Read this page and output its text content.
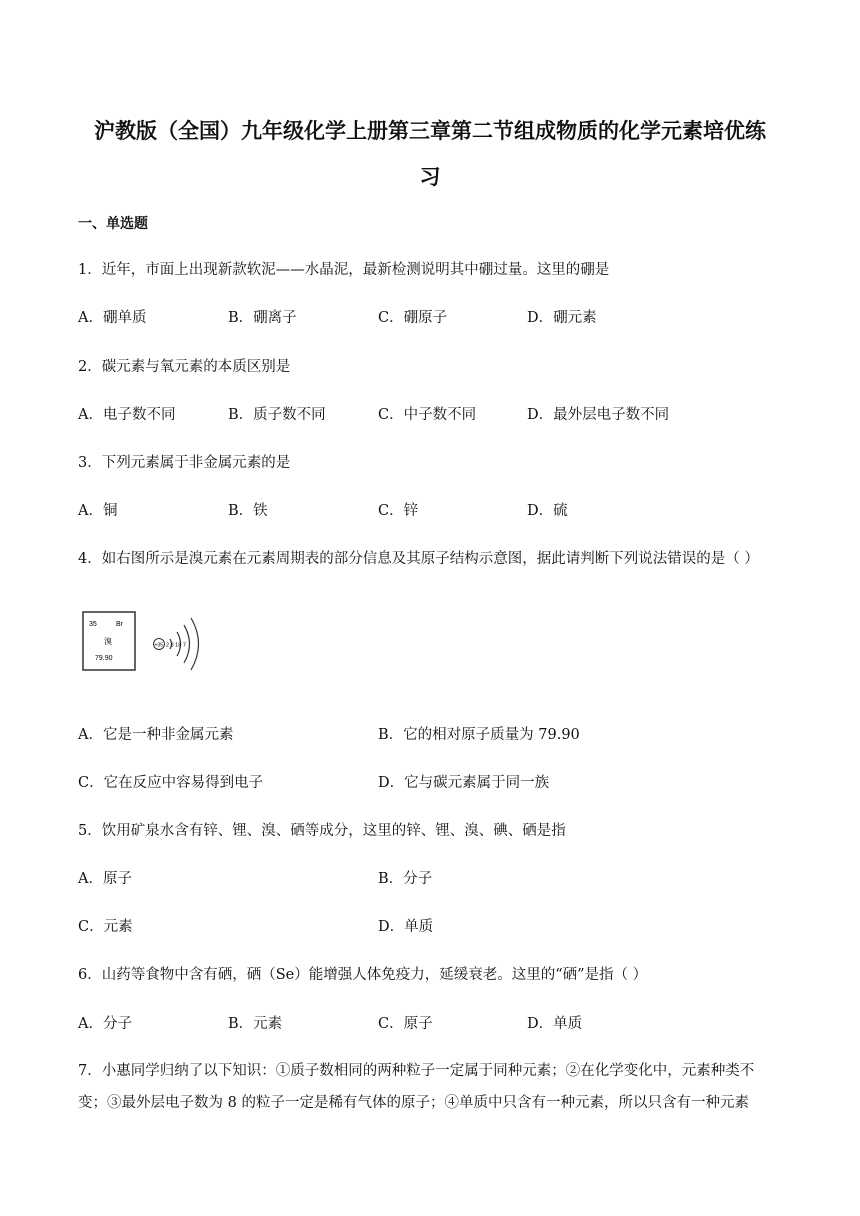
沪教版（全国）九年级化学上册第三章第二节组成物质的化学元素培优练
习
一、单选题
1．近年，市面上出现新款软泥——水晶泥，最新检测说明其中硼过量。这里的硼是
A．硼单质	B．硼离子	C．硼原子	D．硼元素
2．碳元素与氧元素的本质区别是
A．电子数不同	B．质子数不同	C．中子数不同	D．最外层电子数不同
3．下列元素属于非金属元素的是
A．铜	B．铁	C．锌	D．硫
4．如右图所示是溴元素在元素周期表的部分信息及其原子结构示意图，据此请判断下列说法错误的是（ ）
35	Br
溴
79.90
+35 2 8 18 7
A．它是一种非金属元素	B．它的相对原子质量为 79.90
C．它在反应中容易得到电子	D．它与碳元素属于同一族
5．饮用矿泉水含有锌、锂、溴、硒等成分，这里的锌、锂、溴、碘、硒是指
A．原子	B．分子
C．元素	D．单质
6．山药等食物中含有硒，硒（Se）能增强人体免疫力，延缓衰老。这里的“硒”是指（ ）
A．分子	B．元素	C．原子	D．单质
7．小惠同学归纳了以下知识：①质子数相同的两种粒子一定属于同种元素；②在化学变化中，元素种类不
变；③最外层电子数为 8 的粒子一定是稀有气体的原子；④单质中只含有一种元素，所以只含有一种元素
